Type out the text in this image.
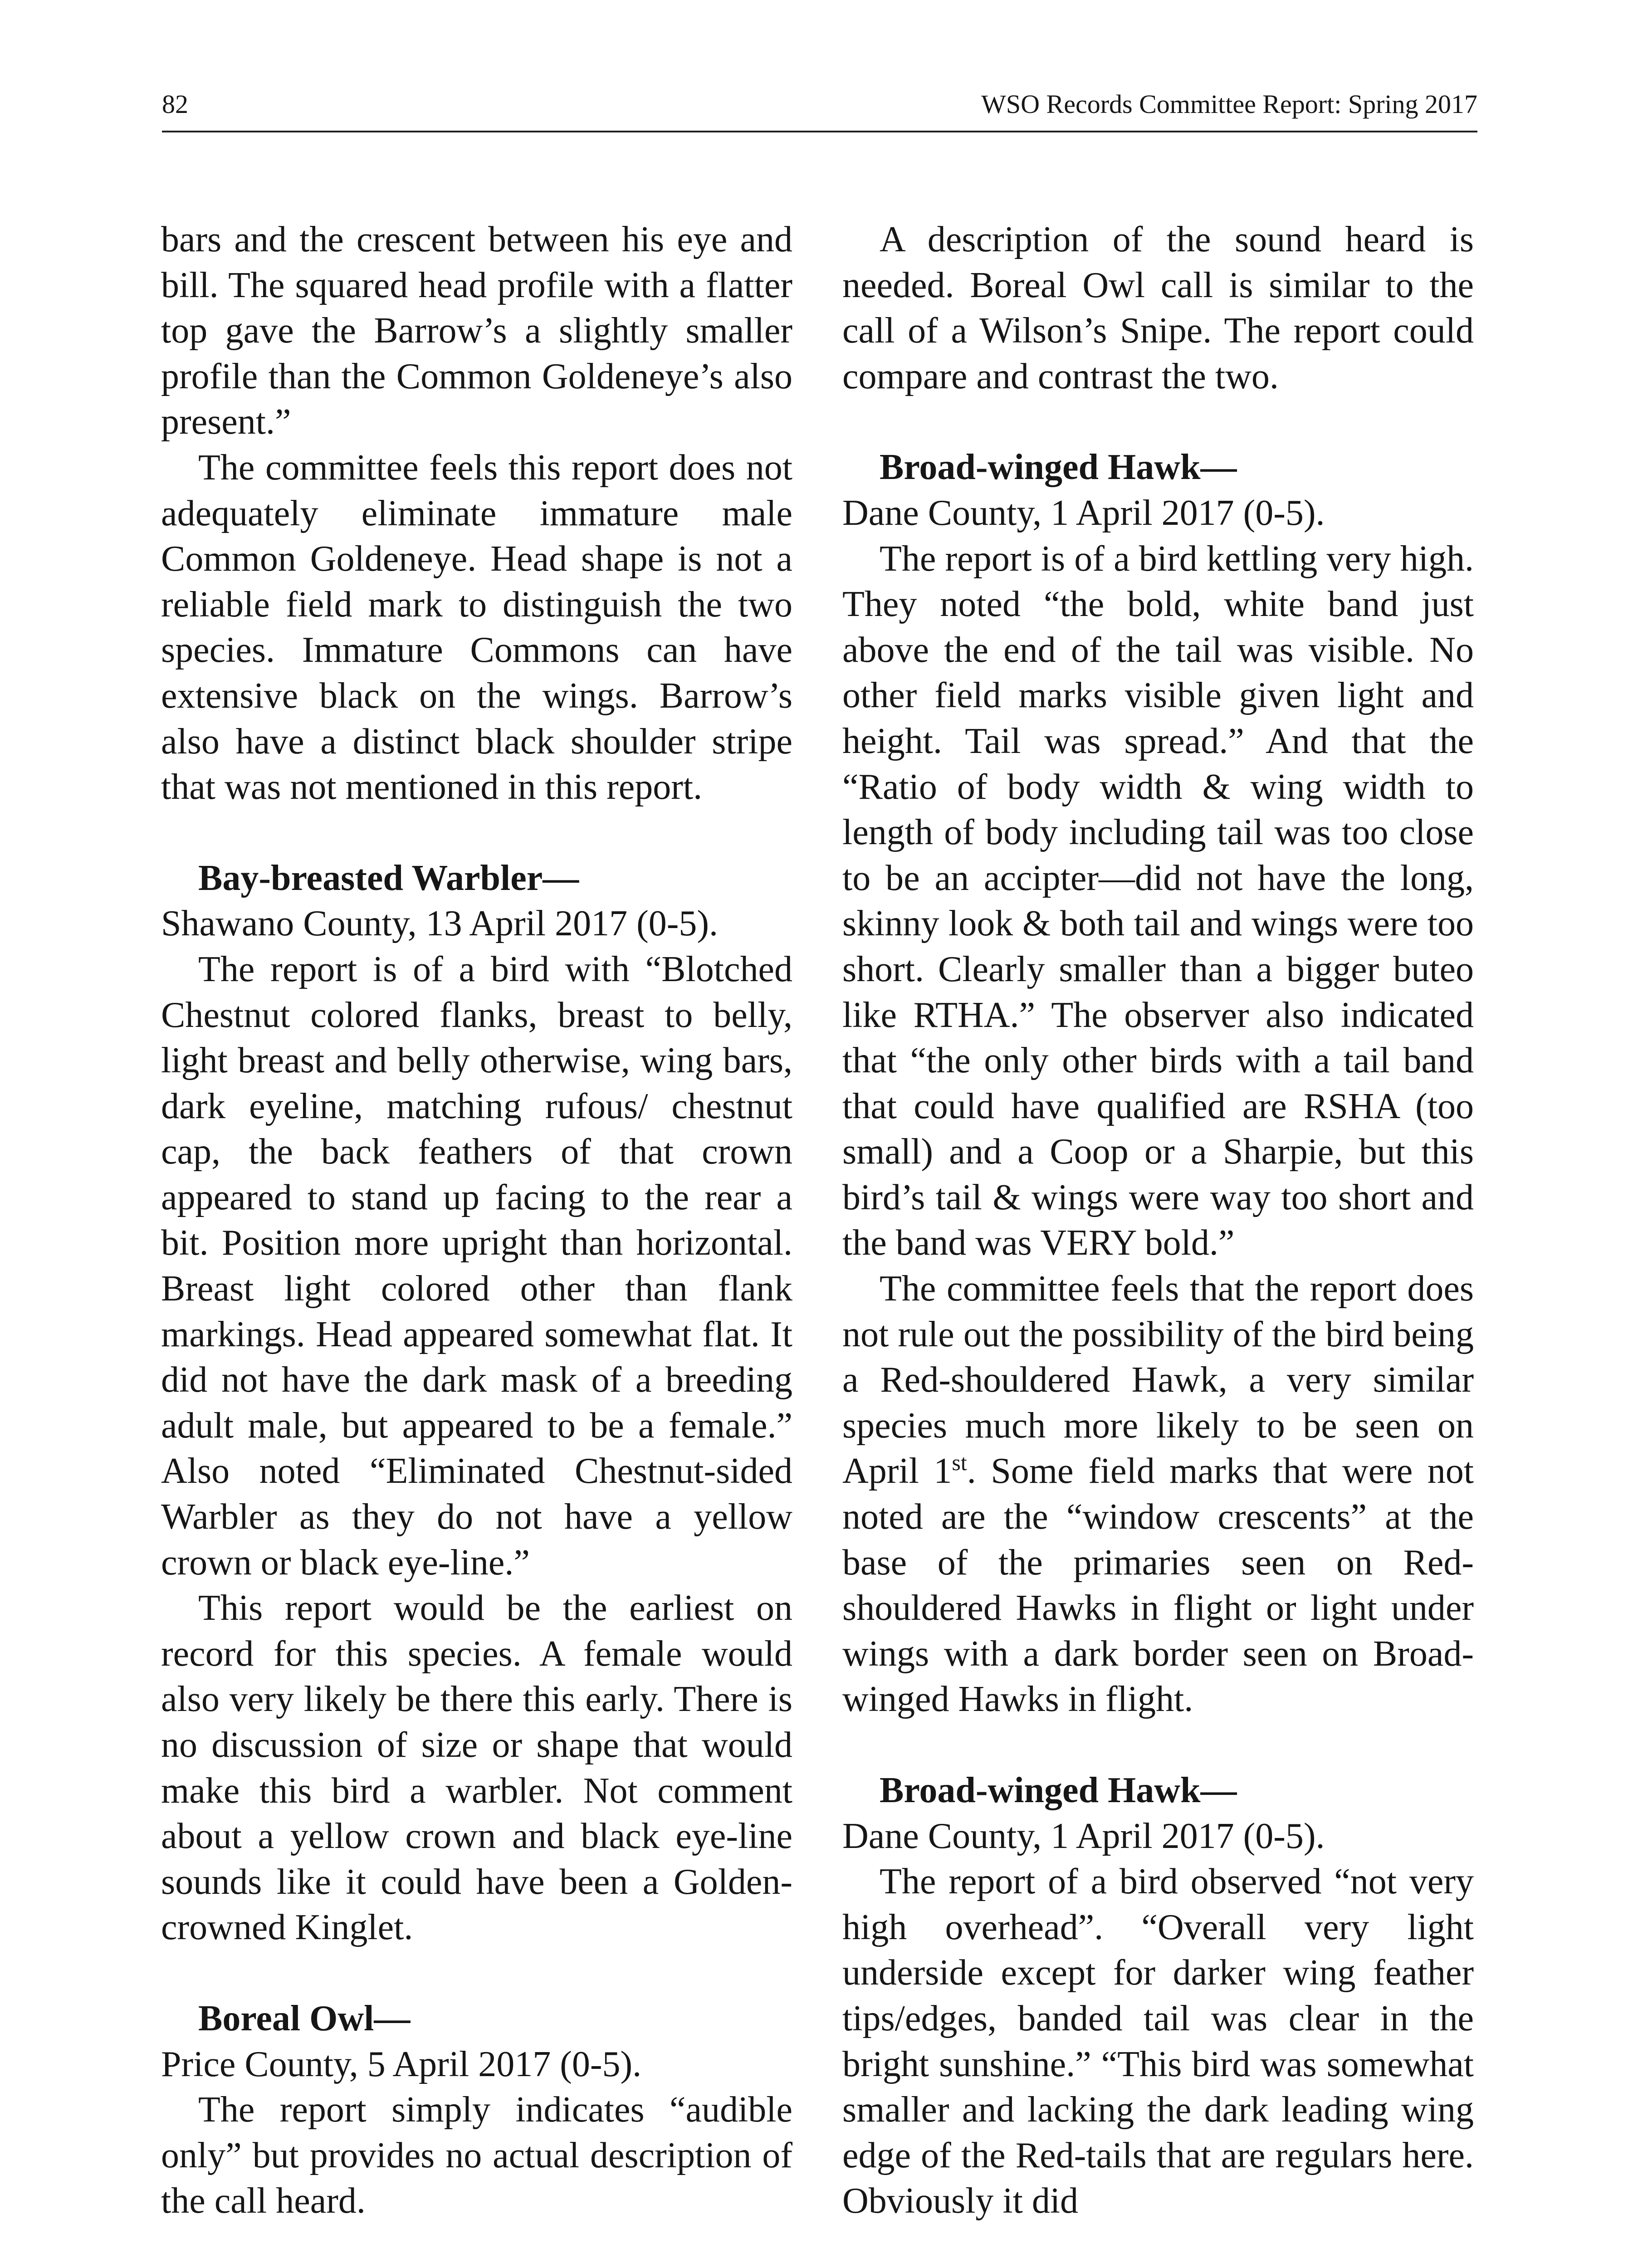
82	WSO Records Committee Report: Spring 2017

bars and the crescent between his eye and bill. The squared head profile with a flatter top gave the Barrow’s a slightly smaller profile than the Common Goldeneye’s also present.”

The committee feels this report does not adequately eliminate immature male Common Goldeneye. Head shape is not a reliable field mark to distinguish the two species. Immature Commons can have extensive black on the wings. Barrow’s also have a distinct black shoulder stripe that was not mentioned in this report.

Bay-breasted Warbler—

Shawano County, 13 April 2017 (0-5).

The report is of a bird with “Blotched Chestnut colored flanks, breast to belly, light breast and belly otherwise, wing bars, dark eyeline, matching rufous/ chestnut cap, the back feathers of that crown appeared to stand up facing to the rear a bit. Position more upright than horizontal. Breast light colored other than flank markings. Head appeared somewhat flat. It did not have the dark mask of a breeding adult male, but appeared to be a female.” Also noted “Eliminated Chestnut-sided Warbler as they do not have a yellow crown or black eye-line.”

This report would be the earliest on record for this species. A female would also very likely be there this early. There is no discussion of size or shape that would make this bird a warbler. Not comment about a yellow crown and black eye-line sounds like it could have been a Golden-crowned Kinglet.

Boreal Owl—

Price County, 5 April 2017 (0-5).

The report simply indicates “audible only” but provides no actual description of the call heard.

A description of the sound heard is needed. Boreal Owl call is similar to the call of a Wilson’s Snipe. The report could compare and contrast the two.

Broad-winged Hawk—

Dane County, 1 April 2017 (0-5).

The report is of a bird kettling very high. They noted “the bold, white band just above the end of the tail was visible. No other field marks visible given light and height. Tail was spread.” And that the “Ratio of body width & wing width to length of body including tail was too close to be an accipter—did not have the long, skinny look & both tail and wings were too short. Clearly smaller than a bigger buteo like RTHA.” The observer also indicated that “the only other birds with a tail band that could have qualified are RSHA (too small) and a Coop or a Sharpie, but this bird’s tail & wings were way too short and the band was VERY bold.”

The committee feels that the report does not rule out the possibility of the bird being a Red-shouldered Hawk, a very similar species much more likely to be seen on April 1st. Some field marks that were not noted are the “window crescents” at the base of the primaries seen on Red-shouldered Hawks in flight or light under wings with a dark border seen on Broad-winged Hawks in flight.

Broad-winged Hawk—

Dane County, 1 April 2017 (0-5).

The report of a bird observed “not very high overhead”. “Overall very light underside except for darker wing feather tips/edges, banded tail was clear in the bright sunshine.” “This bird was somewhat smaller and lacking the dark leading wing edge of the Red-tails that are regulars here. Obviously it did
